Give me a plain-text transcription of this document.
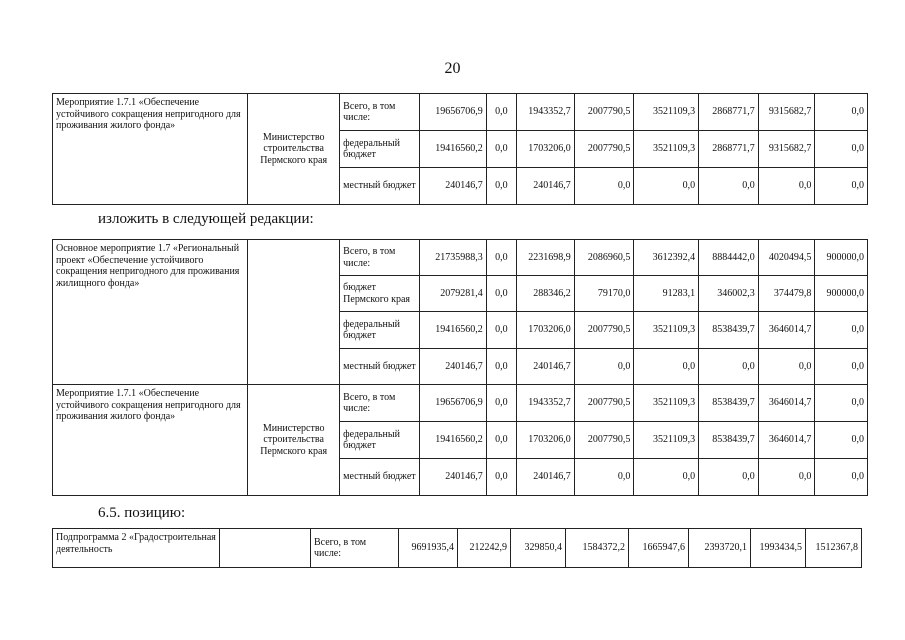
20
Мероприятие 1.7.1 «Обеспечение устойчивого сокращения непригодного для проживания жилого фонда»	Министерство строительства Пермского края	Всего, в том числе:	19656706,9	0,0	1943352,7	2007790,5	3521109,3	2868771,7	9315682,7	0,0
		федеральный бюджет	19416560,2	0,0	1703206,0	2007790,5	3521109,3	2868771,7	9315682,7	0,0
		местный бюджет	240146,7	0,0	240146,7	0,0	0,0	0,0	0,0	0,0
изложить в следующей редакции:
Основное мероприятие 1.7 «Региональный проект «Обеспечение устойчивого сокращения непригодного для проживания жилищного фонда»		Всего, в том числе:	21735988,3	0,0	2231698,9	2086960,5	3612392,4	8884442,0	4020494,5	900000,0
		бюджет Пермского края	2079281,4	0,0	288346,2	79170,0	91283,1	346002,3	374479,8	900000,0
		федеральный бюджет	19416560,2	0,0	1703206,0	2007790,5	3521109,3	8538439,7	3646014,7	0,0
		местный бюджет	240146,7	0,0	240146,7	0,0	0,0	0,0	0,0	0,0
Мероприятие 1.7.1 «Обеспечение устойчивого сокращения непригодного для проживания жилого фонда»	Министерство строительства Пермского края	Всего, в том числе:	19656706,9	0,0	1943352,7	2007790,5	3521109,3	8538439,7	3646014,7	0,0
		федеральный бюджет	19416560,2	0,0	1703206,0	2007790,5	3521109,3	8538439,7	3646014,7	0,0
		местный бюджет	240146,7	0,0	240146,7	0,0	0,0	0,0	0,0	0,0
6.5. позицию:
Подпрограмма 2 «Градостроительная деятельность		Всего, в том числе:	9691935,4	212242,9	329850,4	1584372,2	1665947,6	2393720,1	1993434,5	1512367,8
